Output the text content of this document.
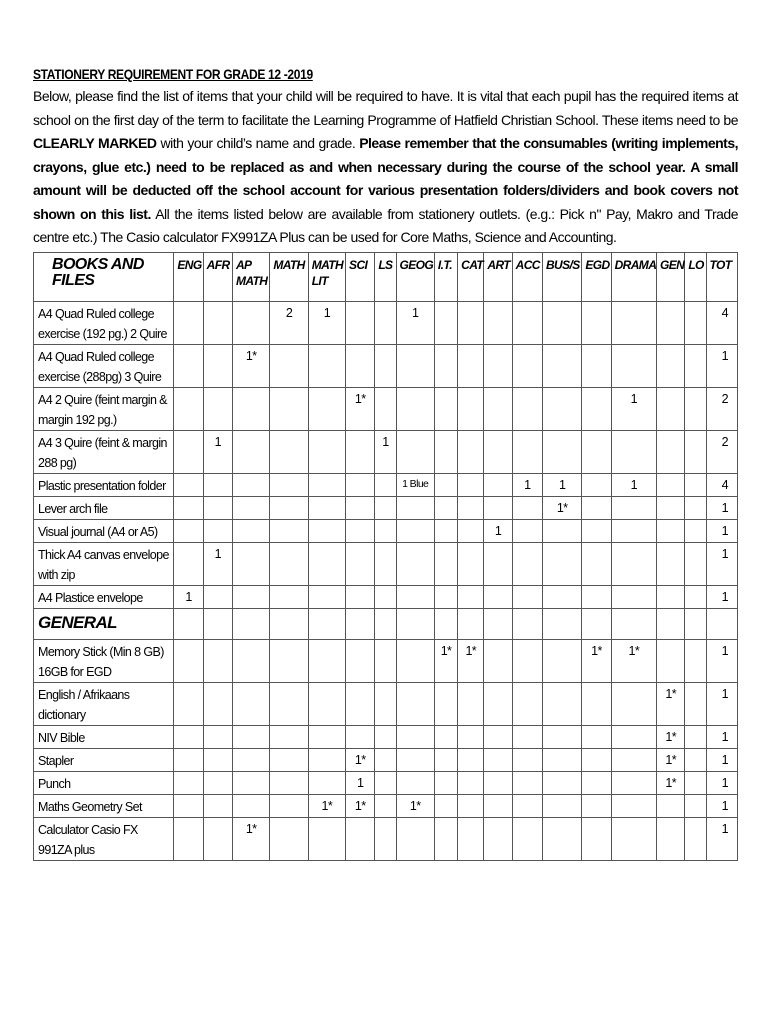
STATIONERY REQUIREMENT FOR GRADE 12 -2019
Below, please find the list of items that your child will be required to have. It is vital that each pupil has the required items at school on the first day of the term to facilitate the Learning Programme of Hatfield Christian School. These items need to be CLEARLY MARKED with your child’s name and grade. Please remember that the consumables (writing implements, crayons, glue etc.) need to be replaced as and when necessary during the course of the school year. A small amount will be deducted off the school account for various presentation folders/dividers and book covers not shown on this list. All the items listed below are available from stationery outlets. (e.g.: Pick n" Pay, Makro and Trade centre etc.) The Casio calculator FX991ZA Plus can be used for Core Maths, Science and Accounting.
BOOKS AND FILES	ENG	AFR	AP MATH	MATH	MATH LIT	SCI	LS	GEOG	I.T.	CAT	ART	ACC	BUS/S	EGD	DRAMA	GEN	LO	TOT
A4 Quad Ruled college exercise (192 pg.) 2 Quire				2	1			1										4
A4 Quad Ruled college exercise (288pg) 3 Quire			1*															1
A4 2 Quire (feint margin & margin 192 pg.)						1*									1			2
A4 3 Quire (feint & margin 288 pg)		1					1											2
Plastic presentation folder								1 Blue				1	1		1			4
Lever arch file													1*					1
Visual journal (A4 or A5)											1							1
Thick A4 canvas envelope with zip		1																1
A4 Plastice envelope	1																	1
GENERAL																		
Memory Stick (Min 8 GB) 16GB for EGD									1*	1*				1*	1*			1
English / Afrikaans dictionary																1*		1
NIV Bible																1*		1
Stapler						1*										1*		1
Punch						1										1*		1
Maths Geometry Set					1*	1*		1*										1
Calculator Casio FX 991ZA plus			1*															1
